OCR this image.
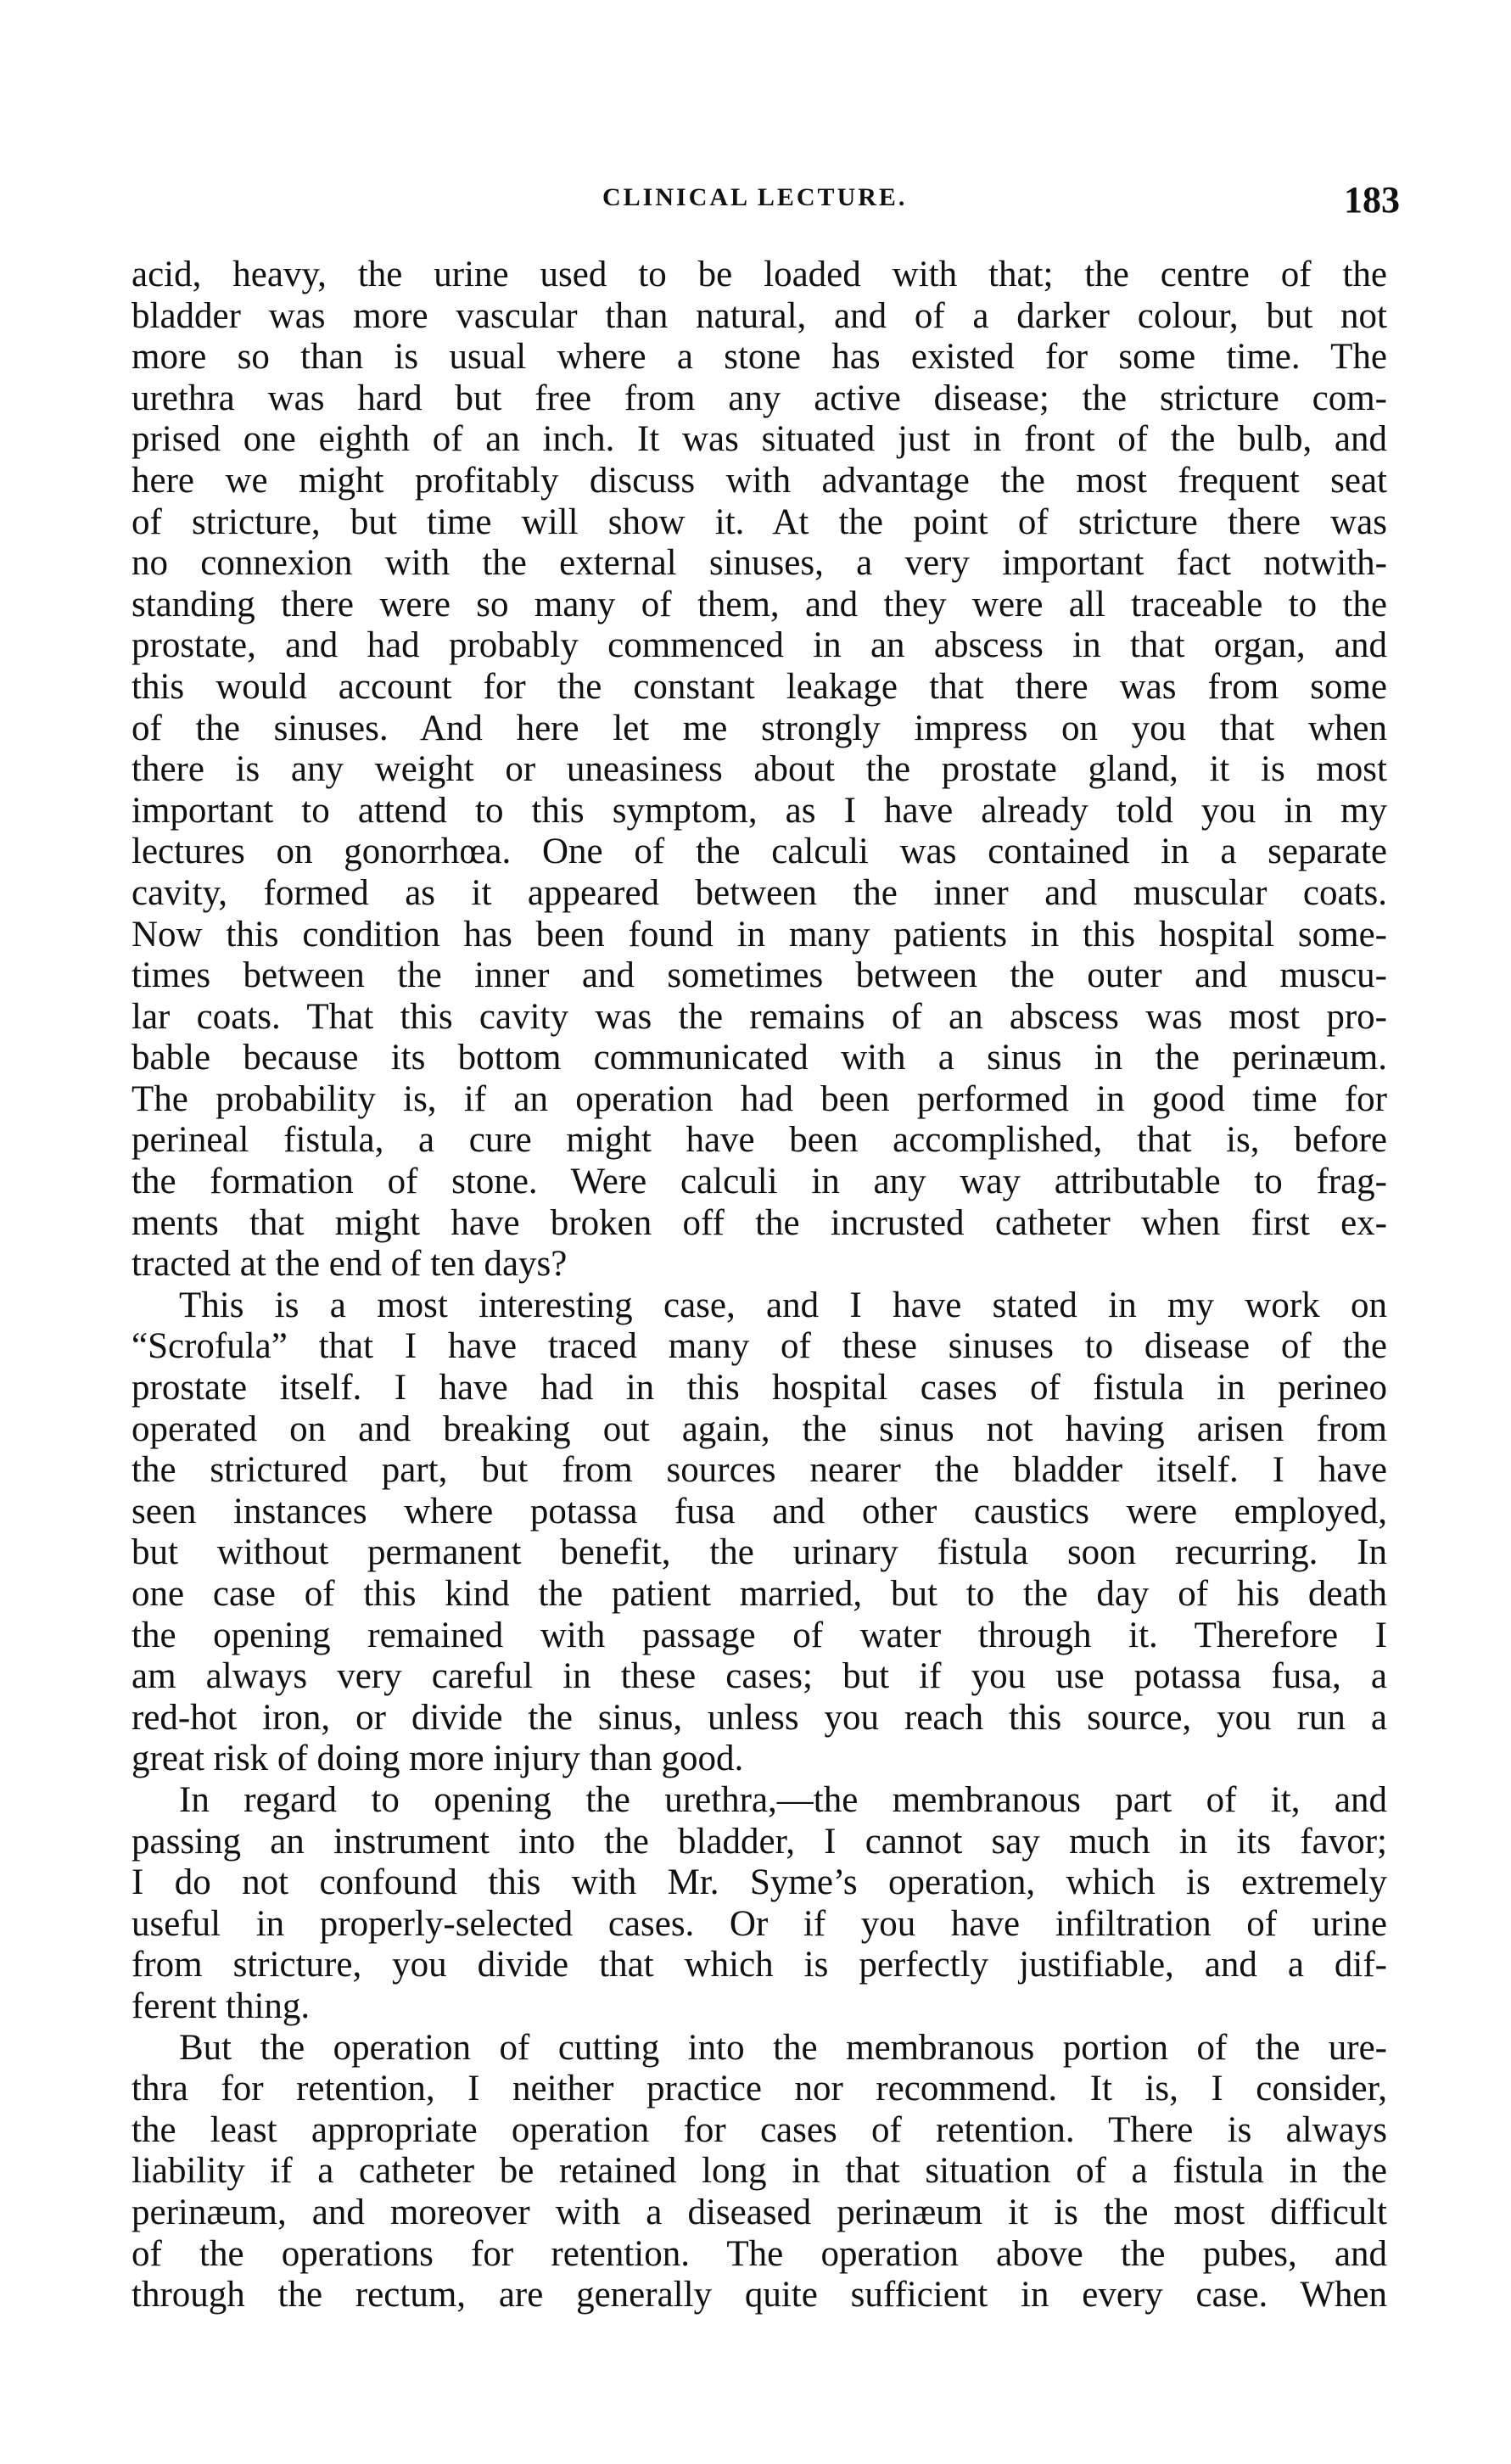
CLINICAL LECTURE.	183
acid, heavy, the urine used to be loaded with that; the centre of the
bladder was more vascular than natural, and of a darker colour, but not
more so than is usual where a stone has existed for some time. The
urethra was hard but free from any active disease; the stricture com-
prised one eighth of an inch. It was situated just in front of the bulb, and
here we might profitably discuss with advantage the most frequent seat
of stricture, but time will show it. At the point of stricture there was
no connexion with the external sinuses, a very important fact notwith-
standing there were so many of them, and they were all traceable to the
prostate, and had probably commenced in an abscess in that organ, and
this would account for the constant leakage that there was from some
of the sinuses. And here let me strongly impress on you that when
there is any weight or uneasiness about the prostate gland, it is most
important to attend to this symptom, as I have already told you in my
lectures on gonorrhœa. One of the calculi was contained in a separate
cavity, formed as it appeared between the inner and muscular coats.
Now this condition has been found in many patients in this hospital some-
times between the inner and sometimes between the outer and muscu-
lar coats. That this cavity was the remains of an abscess was most pro-
bable because its bottom communicated with a sinus in the perinæum.
The probability is, if an operation had been performed in good time for
perineal fistula, a cure might have been accomplished, that is, before
the formation of stone. Were calculi in any way attributable to frag-
ments that might have broken off the incrusted catheter when first ex-
tracted at the end of ten days?
This is a most interesting case, and I have stated in my work on
“Scrofula” that I have traced many of these sinuses to disease of the
prostate itself. I have had in this hospital cases of fistula in perineo
operated on and breaking out again, the sinus not having arisen from
the strictured part, but from sources nearer the bladder itself. I have
seen instances where potassa fusa and other caustics were employed,
but without permanent benefit, the urinary fistula soon recurring. In
one case of this kind the patient married, but to the day of his death
the opening remained with passage of water through it. Therefore I
am always very careful in these cases; but if you use potassa fusa, a
red-hot iron, or divide the sinus, unless you reach this source, you run a
great risk of doing more injury than good.
In regard to opening the urethra,—the membranous part of it, and
passing an instrument into the bladder, I cannot say much in its favor;
I do not confound this with Mr. Syme’s operation, which is extremely
useful in properly-selected cases. Or if you have infiltration of urine
from stricture, you divide that which is perfectly justifiable, and a dif-
ferent thing.
But the operation of cutting into the membranous portion of the ure-
thra for retention, I neither practice nor recommend. It is, I consider,
the least appropriate operation for cases of retention. There is always
liability if a catheter be retained long in that situation of a fistula in the
perinæum, and moreover with a diseased perinæum it is the most difficult
of the operations for retention. The operation above the pubes, and
through the rectum, are generally quite sufficient in every case. When
